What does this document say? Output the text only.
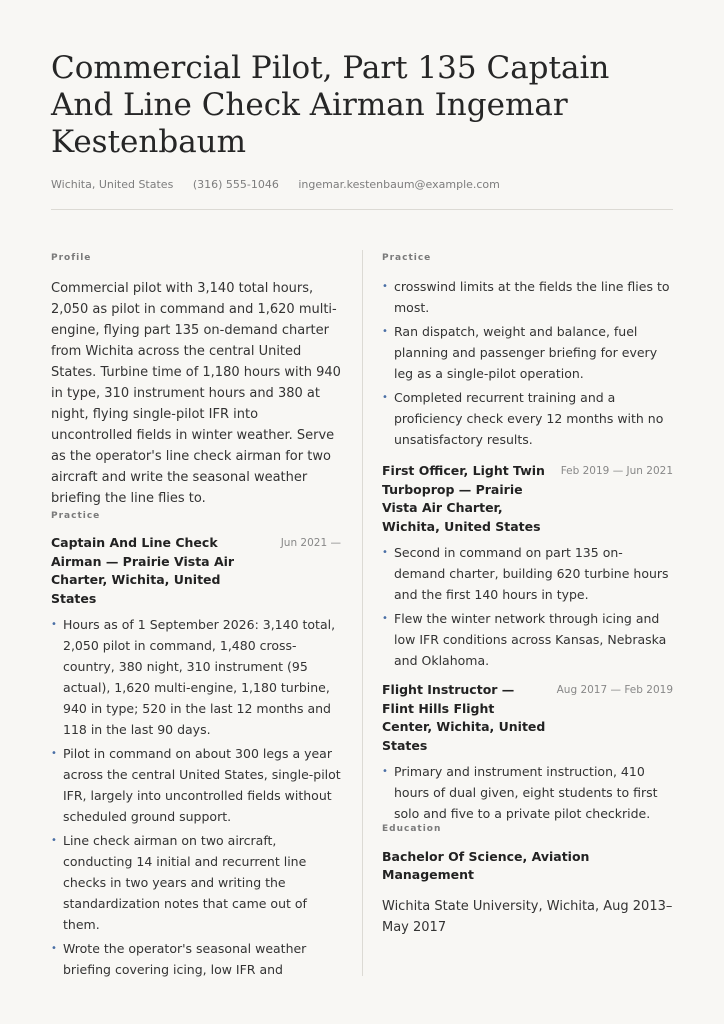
Commercial Pilot, Part 135 Captain And Line Check Airman Ingemar Kestenbaum
Wichita, United States (316) 555-1046 ingemar.kestenbaum@example.com

Profile

Commercial pilot with 3,140 total hours, 2,050 as pilot in command and 1,620 multi-engine, flying part 135 on-demand charter from Wichita across the central United States. Turbine time of 1,180 hours with 940 in type, 310 instrument hours and 380 at night, flying single-pilot IFR into uncontrolled fields in winter weather. Serve as the operator's line check airman for two aircraft and write the seasonal weather briefing the line flies to.

Practice

Captain And Line Check Airman — Prairie Vista Air Charter, Wichita, United States
Jun 2021 —
• Hours as of 1 September 2026: 3,140 total, 2,050 pilot in command, 1,480 cross-country, 380 night, 310 instrument (95 actual), 1,620 multi-engine, 1,180 turbine, 940 in type; 520 in the last 12 months and 118 in the last 90 days.
• Pilot in command on about 300 legs a year across the central United States, single-pilot IFR, largely into uncontrolled fields without scheduled ground support.
• Line check airman on two aircraft, conducting 14 initial and recurrent line checks in two years and writing the standardization notes that came out of them.
• Wrote the operator's seasonal weather briefing covering icing, low IFR and

Practice

• crosswind limits at the fields the line flies to most.
• Ran dispatch, weight and balance, fuel planning and passenger briefing for every leg as a single-pilot operation.
• Completed recurrent training and a proficiency check every 12 months with no unsatisfactory results.
First Officer, Light Twin Turboprop — Prairie Vista Air Charter, Wichita, United States
Feb 2019 — Jun 2021
• Second in command on part 135 on-demand charter, building 620 turbine hours and the first 140 hours in type.
• Flew the winter network through icing and low IFR conditions across Kansas, Nebraska and Oklahoma.
Flight Instructor — Flint Hills Flight Center, Wichita, United States
Aug 2017 — Feb 2019
• Primary and instrument instruction, 410 hours of dual given, eight students to first solo and five to a private pilot checkride.

Education

Bachelor Of Science, Aviation Management
Wichita State University, Wichita, Aug 2013–May 2017
